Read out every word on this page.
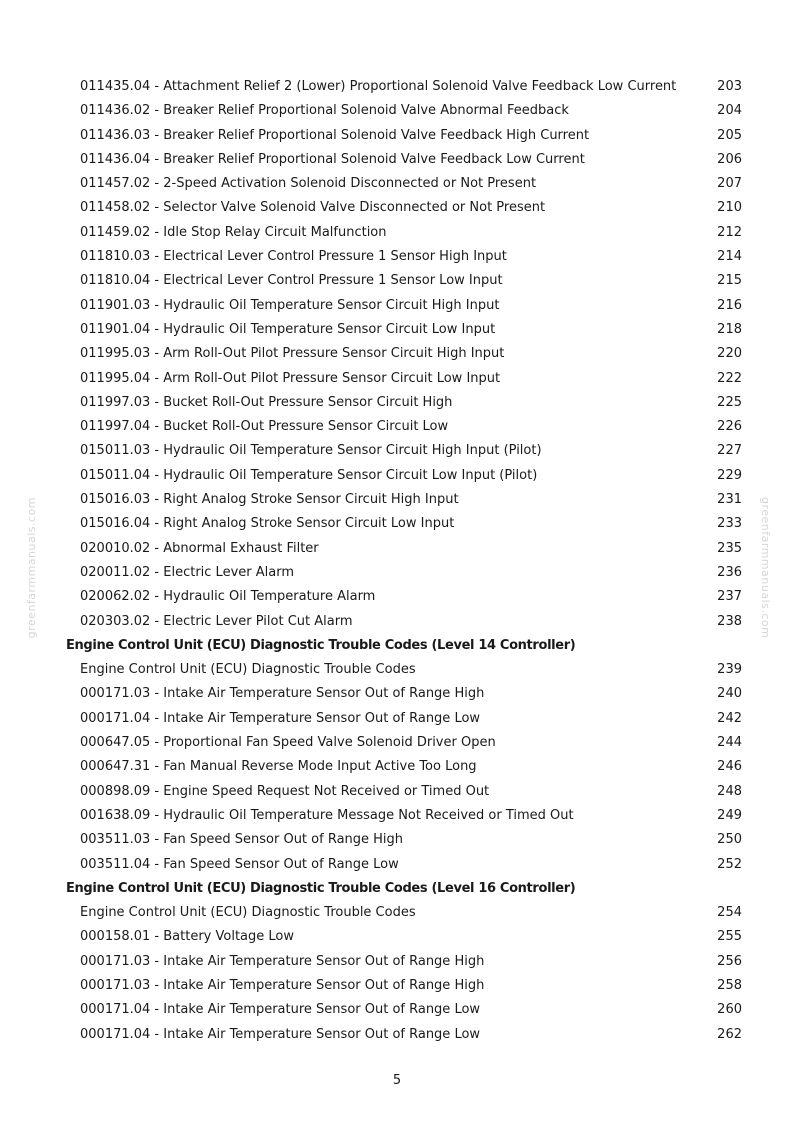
greenfarmmanuals.com	greenfarmmanuals.com
011435.04 - Attachment Relief 2 (Lower) Proportional Solenoid Valve Feedback Low Current	203
011436.02 - Breaker Relief Proportional Solenoid Valve Abnormal Feedback	204
011436.03 - Breaker Relief Proportional Solenoid Valve Feedback High Current	205
011436.04 - Breaker Relief Proportional Solenoid Valve Feedback Low Current	206
011457.02 - 2-Speed Activation Solenoid Disconnected or Not Present	207
011458.02 - Selector Valve Solenoid Valve Disconnected or Not Present	210
011459.02 - Idle Stop Relay Circuit Malfunction	212
011810.03 - Electrical Lever Control Pressure 1 Sensor High Input	214
011810.04 - Electrical Lever Control Pressure 1 Sensor Low Input	215
011901.03 - Hydraulic Oil Temperature Sensor Circuit High Input	216
011901.04 - Hydraulic Oil Temperature Sensor Circuit Low Input	218
011995.03 - Arm Roll-Out Pilot Pressure Sensor Circuit High Input	220
011995.04 - Arm Roll-Out Pilot Pressure Sensor Circuit Low Input	222
011997.03 - Bucket Roll-Out Pressure Sensor Circuit High	225
011997.04 - Bucket Roll-Out Pressure Sensor Circuit Low	226
015011.03 - Hydraulic Oil Temperature Sensor Circuit High Input (Pilot)	227
015011.04 - Hydraulic Oil Temperature Sensor Circuit Low Input (Pilot)	229
015016.03 - Right Analog Stroke Sensor Circuit High Input	231
015016.04 - Right Analog Stroke Sensor Circuit Low Input	233
020010.02 - Abnormal Exhaust Filter	235
020011.02 - Electric Lever Alarm	236
020062.02 - Hydraulic Oil Temperature Alarm	237
020303.02 - Electric Lever Pilot Cut Alarm	238
Engine Control Unit (ECU) Diagnostic Trouble Codes (Level 14 Controller)
Engine Control Unit (ECU) Diagnostic Trouble Codes	239
000171.03 - Intake Air Temperature Sensor Out of Range High	240
000171.04 - Intake Air Temperature Sensor Out of Range Low	242
000647.05 - Proportional Fan Speed Valve Solenoid Driver Open	244
000647.31 - Fan Manual Reverse Mode Input Active Too Long	246
000898.09 - Engine Speed Request Not Received or Timed Out	248
001638.09 - Hydraulic Oil Temperature Message Not Received or Timed Out	249
003511.03 - Fan Speed Sensor Out of Range High	250
003511.04 - Fan Speed Sensor Out of Range Low	252
Engine Control Unit (ECU) Diagnostic Trouble Codes (Level 16 Controller)
Engine Control Unit (ECU) Diagnostic Trouble Codes	254
000158.01 - Battery Voltage Low	255
000171.03 - Intake Air Temperature Sensor Out of Range High	256
000171.03 - Intake Air Temperature Sensor Out of Range High	258
000171.04 - Intake Air Temperature Sensor Out of Range Low	260
000171.04 - Intake Air Temperature Sensor Out of Range Low	262
5
